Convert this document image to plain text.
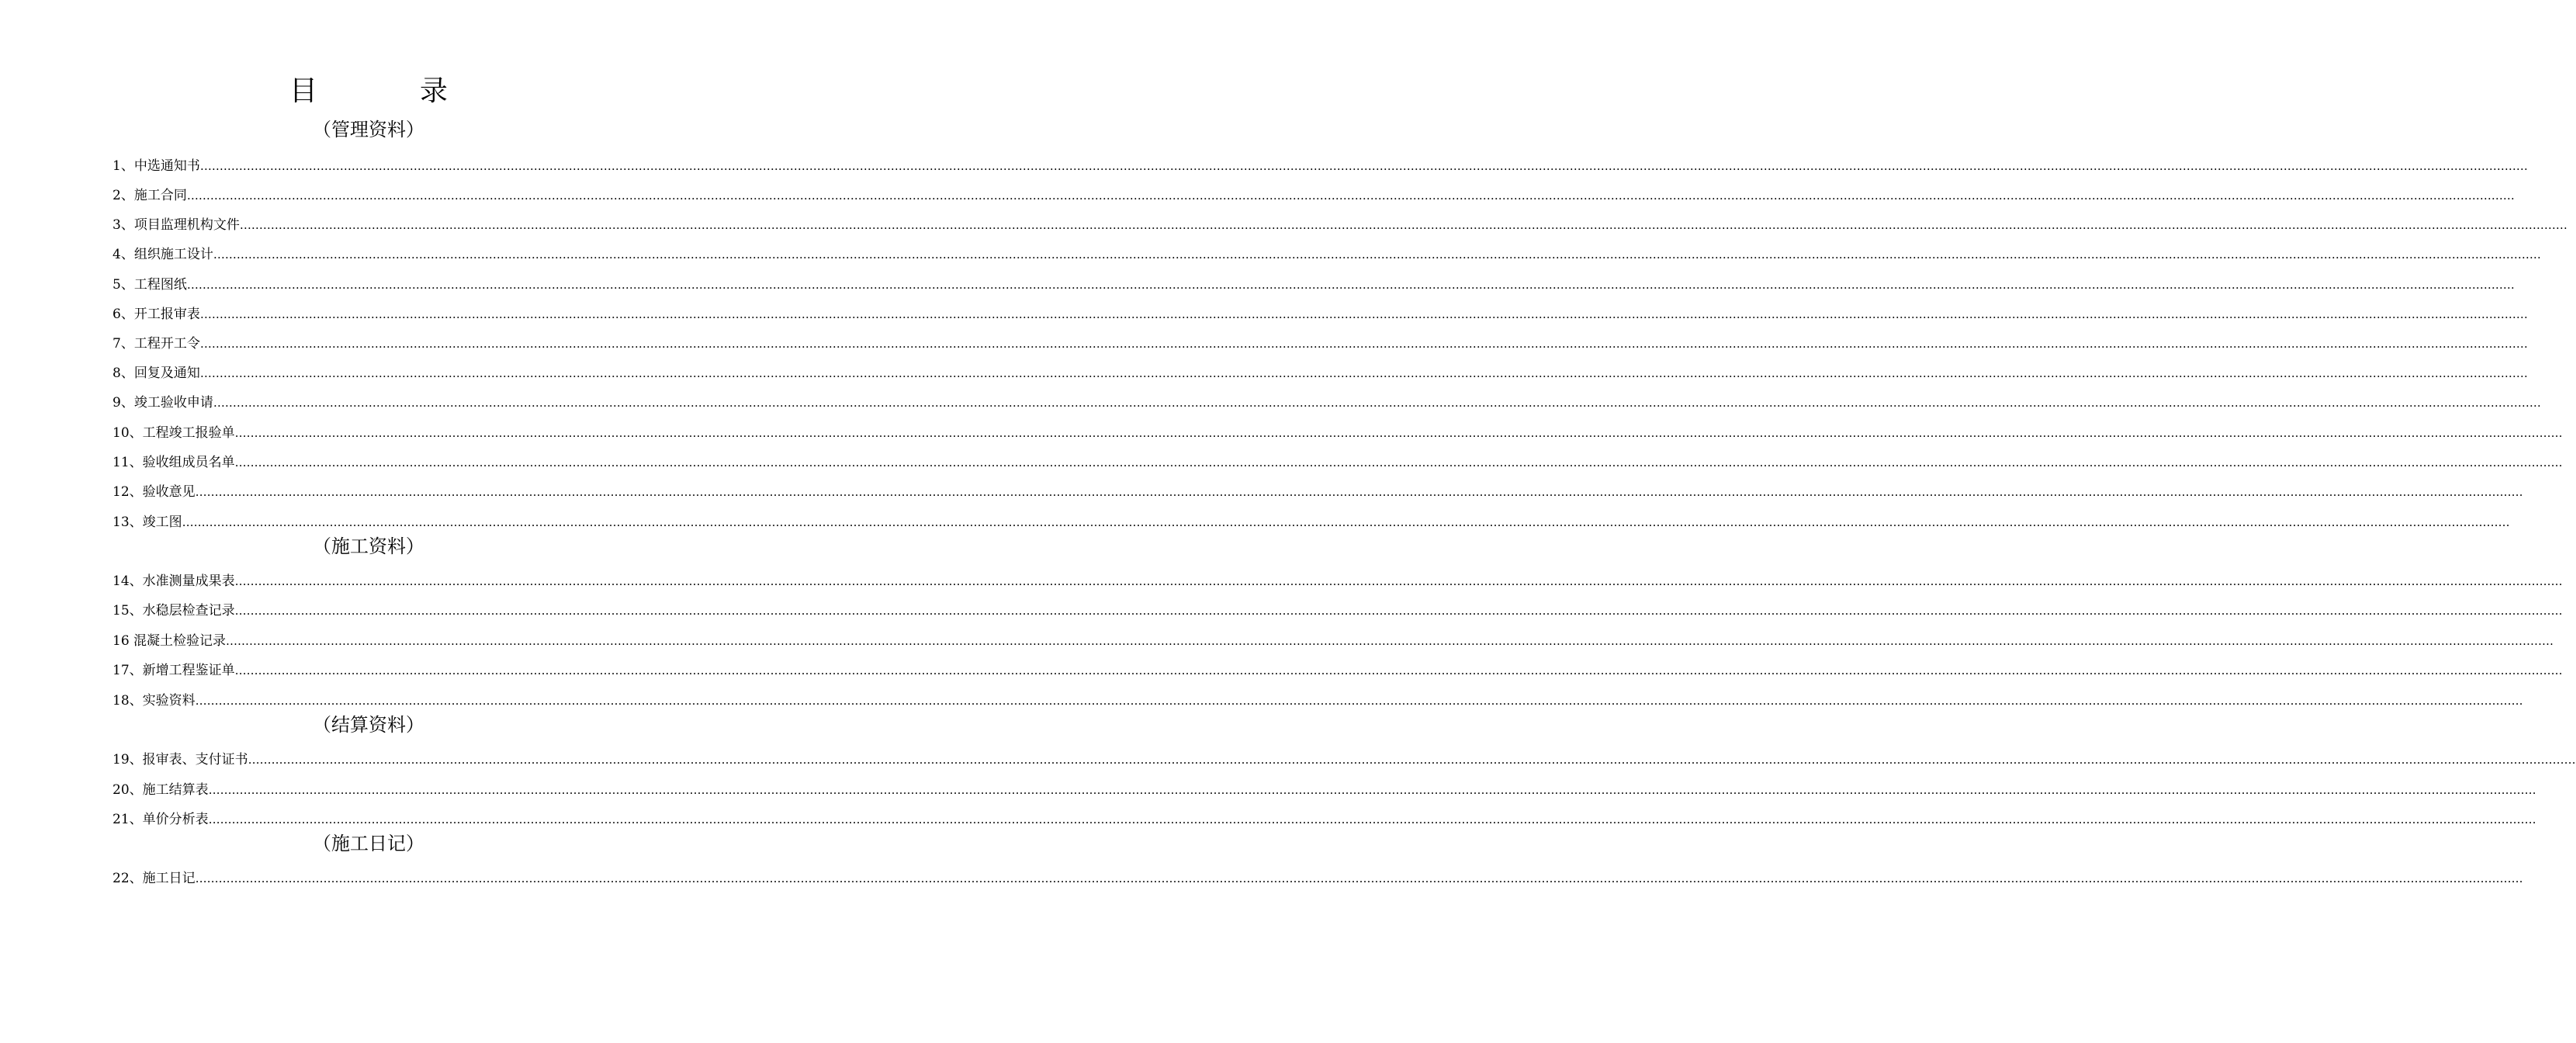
目　录
（管理资料）
1、中选通知书 ……………………………………………………………………………………………………………………………………………………………………………………………………………………………………………………………………………………………………………………………………………………………………………………………………………………………………………………………………………………………………………………………………………………
2、施工合同 ……………………………………………………………………………………………………………………………………………………………………………………………………………………………………………………………………………………………………………………………………………………………………………………………………………………………………………………………………………………………………………………………………………………
3、项目监理机构文件 ……………………………………………………………………………………………………………………………………………………………………………………………………………………………………………………………………………………………………………………………………………………………………………………………………………………………………………………………………………………………………………………………………………………
4、组织施工设计 ……………………………………………………………………………………………………………………………………………………………………………………………………………………………………………………………………………………………………………………………………………………………………………………………………………………………………………………………………………………………………………………………………………………
5、工程图纸 ……………………………………………………………………………………………………………………………………………………………………………………………………………………………………………………………………………………………………………………………………………………………………………………………………………………………………………………………………………………………………………………………………………………
6、开工报审表 ……………………………………………………………………………………………………………………………………………………………………………………………………………………………………………………………………………………………………………………………………………………………………………………………………………………………………………………………………………………………………………………………………………………
7、工程开工令 ……………………………………………………………………………………………………………………………………………………………………………………………………………………………………………………………………………………………………………………………………………………………………………………………………………………………………………………………………………………………………………………………………………………
8、回复及通知 ……………………………………………………………………………………………………………………………………………………………………………………………………………………………………………………………………………………………………………………………………………………………………………………………………………………………………………………………………………………………………………………………………………………
9、竣工验收申请 ……………………………………………………………………………………………………………………………………………………………………………………………………………………………………………………………………………………………………………………………………………………………………………………………………………………………………………………………………………………………………………………………………………………
10、工程竣工报验单 ……………………………………………………………………………………………………………………………………………………………………………………………………………………………………………………………………………………………………………………………………………………………………………………………………………………………………………………………………………………………………………………………………………………
11、验收组成员名单 ……………………………………………………………………………………………………………………………………………………………………………………………………………………………………………………………………………………………………………………………………………………………………………………………………………………………………………………………………………………………………………………………………………………
12、验收意见 ……………………………………………………………………………………………………………………………………………………………………………………………………………………………………………………………………………………………………………………………………………………………………………………………………………………………………………………………………………………………………………………………………………………
13、竣工图 ……………………………………………………………………………………………………………………………………………………………………………………………………………………………………………………………………………………………………………………………………………………………………………………………………………………………………………………………………………………………………………………………………………………
（施工资料）
14、水准测量成果表 ……………………………………………………………………………………………………………………………………………………………………………………………………………………………………………………………………………………………………………………………………………………………………………………………………………………………………………………………………………………………………………………………………………………
15、水稳层检查记录 ……………………………………………………………………………………………………………………………………………………………………………………………………………………………………………………………………………………………………………………………………………………………………………………………………………………………………………………………………………………………………………………………………………………
16 混凝土检验记录 ……………………………………………………………………………………………………………………………………………………………………………………………………………………………………………………………………………………………………………………………………………………………………………………………………………………………………………………………………………………………………………………………………………………
17、新增工程鉴证单 ……………………………………………………………………………………………………………………………………………………………………………………………………………………………………………………………………………………………………………………………………………………………………………………………………………………………………………………………………………………………………………………………………………………
18、实验资料 ……………………………………………………………………………………………………………………………………………………………………………………………………………………………………………………………………………………………………………………………………………………………………………………………………………………………………………………………………………………………………………………………………………………
（结算资料）
19、报审表、支付证书 ……………………………………………………………………………………………………………………………………………………………………………………………………………………………………………………………………………………………………………………………………………………………………………………………………………………………………………………………………………………………………………………………………………………
20、施工结算表 ……………………………………………………………………………………………………………………………………………………………………………………………………………………………………………………………………………………………………………………………………………………………………………………………………………………………………………………………………………………………………………………………………………………
21、单价分析表 ……………………………………………………………………………………………………………………………………………………………………………………………………………………………………………………………………………………………………………………………………………………………………………………………………………………………………………………………………………………………………………………………………………………
（施工日记）
22、施工日记 ……………………………………………………………………………………………………………………………………………………………………………………………………………………………………………………………………………………………………………………………………………………………………………………………………………………………………………………………………………………………………………………………………………………
